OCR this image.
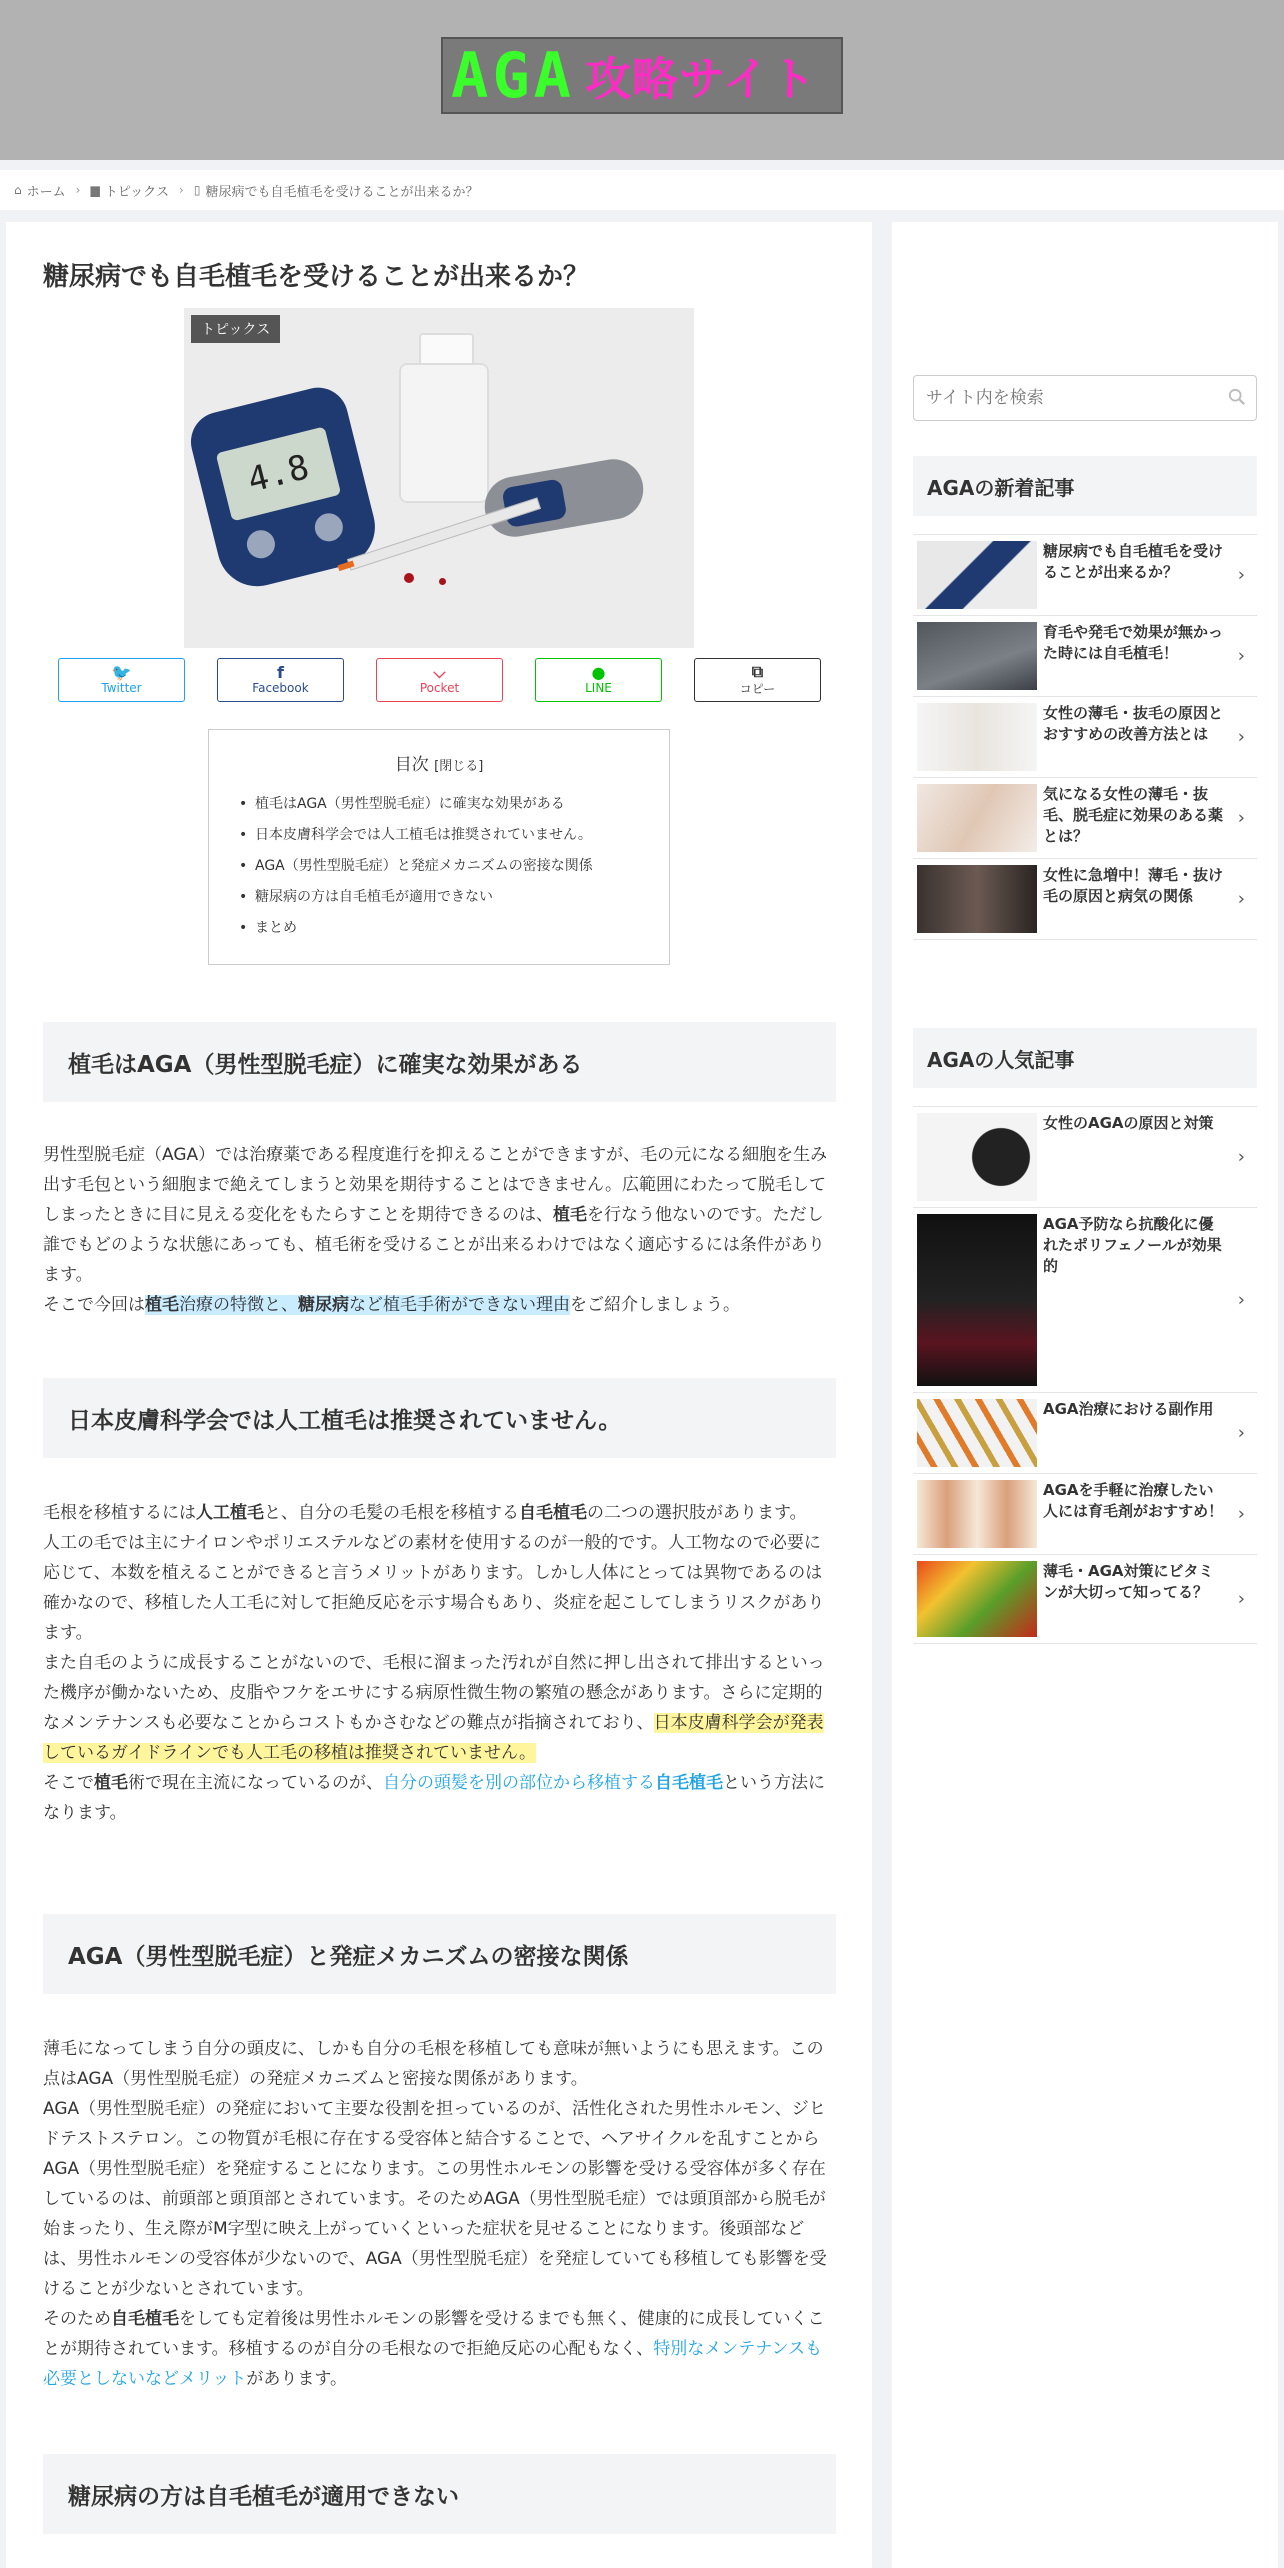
AGA 攻略サイト
⌂ ホーム › ▆ トピックス › ▯ 糖尿病でも自毛植毛を受けることが出来るか？
糖尿病でも自毛植毛を受けることが出来るか？
4.8
トピックス
🐦
Twitter
f
Facebook
⌵
Pocket
●
LINE
⧉
コピー
目次 [閉じる]
• 植毛はAGA（男性型脱毛症）に確実な効果がある
• 日本皮膚科学会では人工植毛は推奨されていません。
• AGA（男性型脱毛症）と発症メカニズムの密接な関係
• 糖尿病の方は自毛植毛が適用できない
• まとめ
植毛はAGA（男性型脱毛症）に確実な効果がある
男性型脱毛症（AGA）では治療薬である程度進行を抑えることができますが、毛の元になる細胞を生み出す毛包という細胞まで絶えてしまうと効果を期待することはできません。広範囲にわたって脱毛してしまったときに目に見える変化をもたらすことを期待できるのは、植毛を行なう他ないのです。ただし誰でもどのような状態にあっても、植毛術を受けることが出来るわけではなく適応するには条件があります。
そこで今回は植毛治療の特徴と、糖尿病など植毛手術ができない理由をご紹介しましょう。
日本皮膚科学会では人工植毛は推奨されていません。
毛根を移植するには人工植毛と、自分の毛髪の毛根を移植する自毛植毛の二つの選択肢があります。
人工の毛では主にナイロンやポリエステルなどの素材を使用するのが一般的です。人工物なので必要に応じて、本数を植えることができると言うメリットがあります。しかし人体にとっては異物であるのは確かなので、移植した人工毛に対して拒絶反応を示す場合もあり、炎症を起こしてしまうリスクがあります。
また自毛のように成長することがないので、毛根に溜まった汚れが自然に押し出されて排出するといった機序が働かないため、皮脂やフケをエサにする病原性微生物の繁殖の懸念があります。さらに定期的なメンテナンスも必要なことからコストもかさむなどの難点が指摘されており、日本皮膚科学会が発表しているガイドラインでも人工毛の移植は推奨されていません。
そこで植毛術で現在主流になっているのが、自分の頭髪を別の部位から移植する自毛植毛という方法になります。
AGA（男性型脱毛症）と発症メカニズムの密接な関係
薄毛になってしまう自分の頭皮に、しかも自分の毛根を移植しても意味が無いようにも思えます。この点はAGA（男性型脱毛症）の発症メカニズムと密接な関係があります。
AGA（男性型脱毛症）の発症において主要な役割を担っているのが、活性化された男性ホルモン、ジヒドテストステロン。この物質が毛根に存在する受容体と結合することで、ヘアサイクルを乱すことからAGA（男性型脱毛症）を発症することになります。この男性ホルモンの影響を受ける受容体が多く存在しているのは、前頭部と頭頂部とされています。そのためAGA（男性型脱毛症）では頭頂部から脱毛が始まったり、生え際がM字型に映え上がっていくといった症状を見せることになります。後頭部などは、男性ホルモンの受容体が少ないので、AGA（男性型脱毛症）を発症していても移植しても影響を受けることが少ないとされています。
そのため自毛植毛をしても定着後は男性ホルモンの影響を受けるまでも無く、健康的に成長していくことが期待されています。移植するのが自分の毛根なので拒絶反応の心配もなく、特別なメンテナンスも必要としないなどメリットがあります。
糖尿病の方は自毛植毛が適用できない
サイト内を検索
AGAの新着記事
糖尿病でも自毛植毛を受けることが出来るか？	›
育毛や発毛で効果が無かった時には自毛植毛！	›
女性の薄毛・抜毛の原因とおすすめの改善方法とは	›
気になる女性の薄毛・抜毛、脱毛症に効果のある薬とは？
›
女性に急増中！薄毛・抜け毛の原因と病気の関係	›
AGAの人気記事
女性のAGAの原因と対策
›
AGA予防なら抗酸化に優れたポリフェノールが効果的
›
AGA治療における副作用
›
AGAを手軽に治療したい人には育毛剤がおすすめ！ ›
薄毛・AGA対策にビタミンが大切って知ってる？	›
